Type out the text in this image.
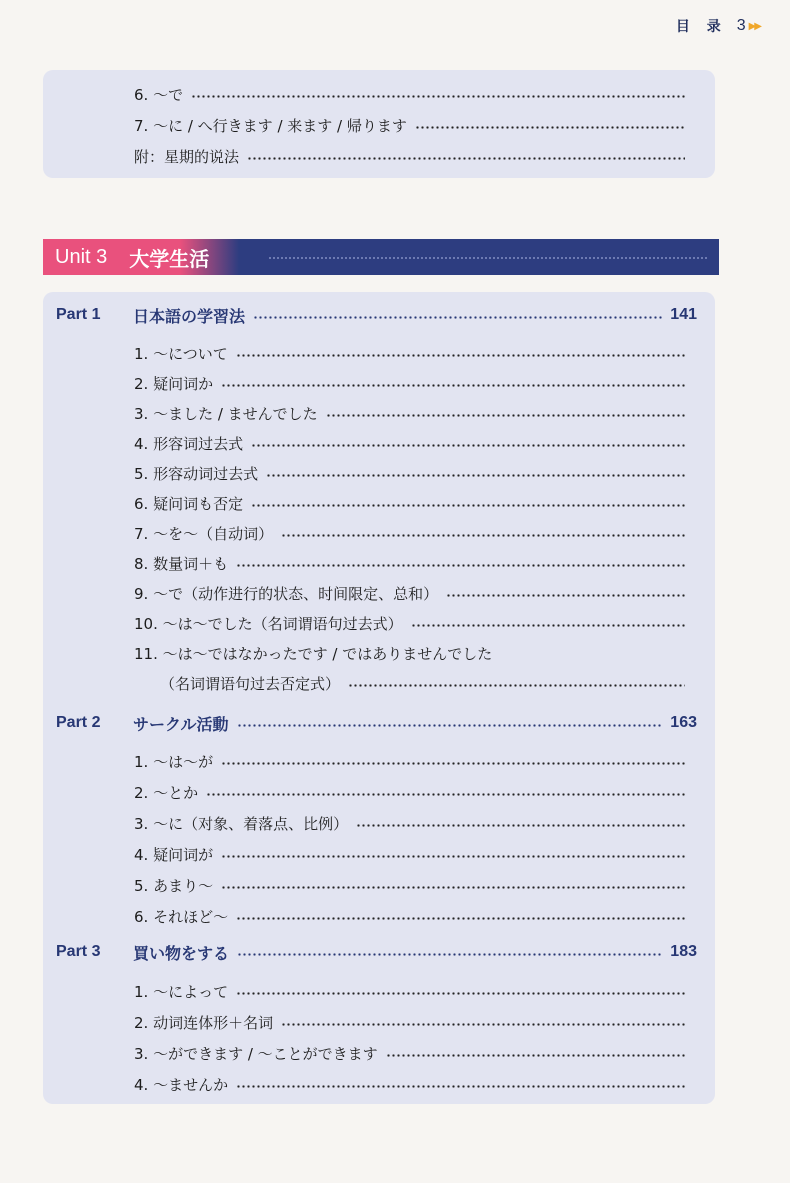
目 录 3 ▶▶
6. ～で
7. ～に / へ行きます / 来ます / 帰ります
附：星期的说法
Unit 3 大学生活
Part 1	日本語の学習法	141
1. ～について
2. 疑问词か
3. ～ました / ませんでした
4. 形容词过去式
5. 形容动词过去式
6. 疑问词も否定
7. ～を～（自动词）
8. 数量词＋も
9. ～で（动作进行的状态、时间限定、总和）
10. ～は～でした（名词谓语句过去式）
11. ～は～ではなかったです / ではありませんでした
（名词谓语句过去否定式）
Part 2	サークル活動	163
1. ～は～が
2. ～とか
3. ～に（对象、着落点、比例）
4. 疑问词が
5. あまり～
6. それほど～
Part 3	買い物をする	183
1. ～によって
2. 动词连体形＋名词
3. ～ができます / ～ことができます
4. ～ませんか
